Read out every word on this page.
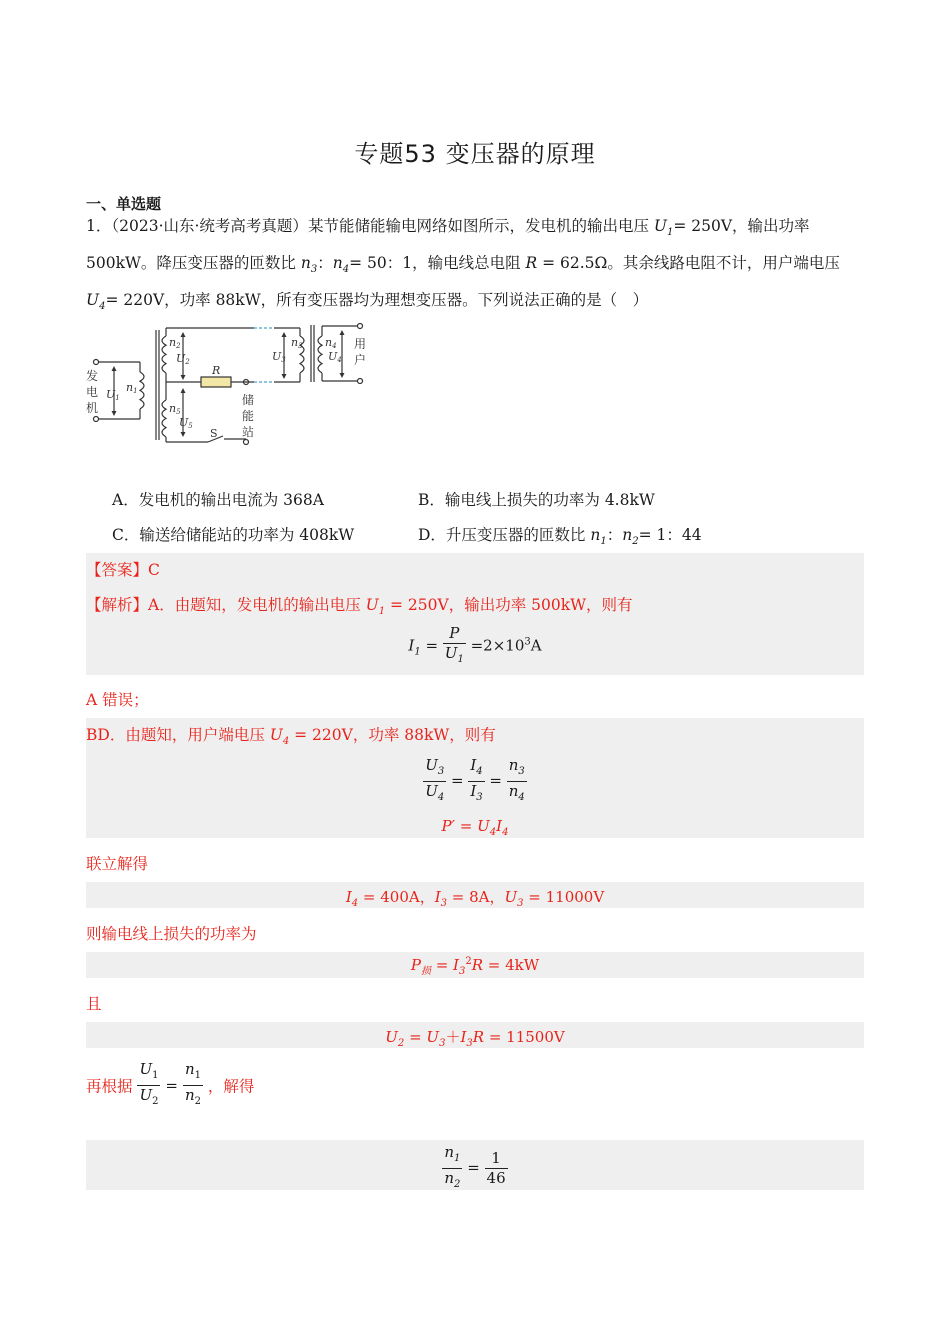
专题53 变压器的原理
一、单选题
1．（2023·山东·统考高考真题）某节能储能输电网络如图所示，发电机的输出电压 $U_1= 250V$，输出功率
500kW。降压变压器的匝数比 $n_3$：$n_4= 50$：1，输电线总电阻 R = 62.5Ω。其余线路电阻不计，用户端电压
$U_4= 220V$，功率 88kW，所有变压器均为理想变压器。下列说法正确的是（　）
发
电
机
用
户
储
能
站
U1
n1
n2
U2	U3
n3 n4
U4
n5
U5
R
S
A．发电机的输出电流为 368A	B．输电线上损失的功率为 4.8kW
C．输送给储能站的功率为 408kW	D．升压变压器的匝数比 $n_1$：$n_2= 1$：44
【答案】C
【解析】A．由题知，发电机的输出电压 $U_1 = 250V$，输出功率 500kW，则有
$I_1 = \frac{P}{U_1} =2\times 10^3A$
A 错误；
BD．由题知，用户端电压 $U_4 = 220V$，功率 88kW，则有
$\frac{U_3}{U_4} = \frac{I_4}{I_3} = \frac{n_3}{n_4}$
$P' = U_4I_4$
联立解得
$I_4 = 400A$，$I_3 = 8A$，$U_3 = 11000V$
则输电线上损失的功率为
$P_损 = I_3^2R = 4kW$
且
$U_2 = U_3+I_3R = 11500V$
再根据 $\frac{U_1}{U_2} = \frac{n_1}{n_2}$ ，解得
$\frac{n_1}{n_2} = \frac{1}{46}$
